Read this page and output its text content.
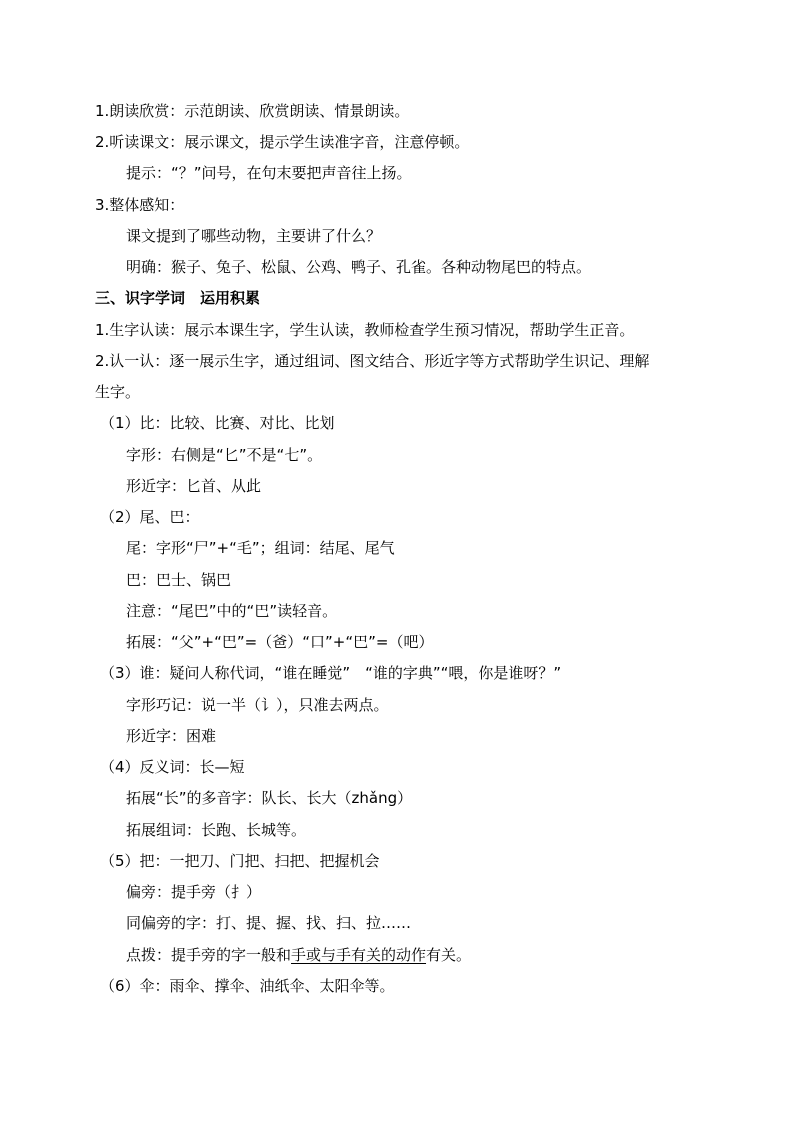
1.朗读欣赏：示范朗读、欣赏朗读、情景朗读。
2.听读课文：展示课文，提示学生读准字音，注意停顿。
提示：“？”问号，在句末要把声音往上扬。
3.整体感知：
课文提到了哪些动物，主要讲了什么？
明确：猴子、兔子、松鼠、公鸡、鸭子、孔雀。各种动物尾巴的特点。
三、识字学词　运用积累
1.生字认读：展示本课生字，学生认读，教师检查学生预习情况，帮助学生正音。
2.认一认：逐一展示生字，通过组词、图文结合、形近字等方式帮助学生识记、理解
生字。
（1）比：比较、比赛、对比、比划
字形：右侧是“匕”不是“七”。
形近字：匕首、从此
（2）尾、巴：
尾：字形“尸”+“毛”；组词：结尾、尾气
巴：巴士、锅巴
注意：“尾巴”中的“巴”读轻音。
拓展：“父”+“巴”=（爸）“口”+“巴”=（吧）
（3）谁：疑问人称代词，“谁在睡觉”　“谁的字典”“喂，你是谁呀？”
字形巧记：说一半（讠），只准去两点。
形近字：困难
（4）反义词：长—短
拓展“长”的多音字：队长、长大（zhǎng）
拓展组词：长跑、长城等。
（5）把：一把刀、门把、扫把、把握机会
偏旁：提手旁（扌）
同偏旁的字：打、提、握、找、扫、拉……
点拨：提手旁的字一般和手或与手有关的动作有关。
（6）伞：雨伞、撑伞、油纸伞、太阳伞等。
